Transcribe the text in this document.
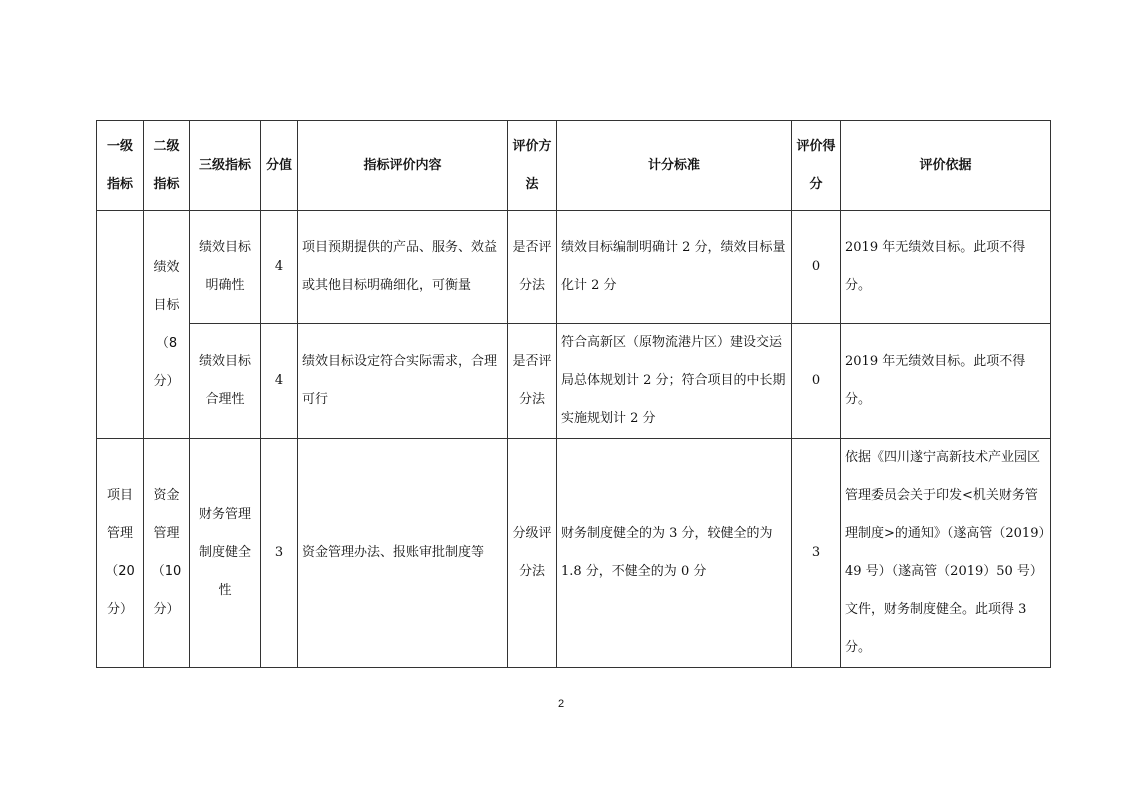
一级指标	二级指标	三级指标	分值	指标评价内容	评价方法	计分标准	评价得分	评价依据
	绩效目标（8分）	绩效目标明确性	4	项目预期提供的产品、服务、效益或其他目标明确细化，可衡量	是否评分法	绩效目标编制明确计 2 分，绩效目标量化计 2 分	0	2019 年无绩效目标。此项不得分。
		绩效目标合理性	4	绩效目标设定符合实际需求，合理可行	是否评分法	符合高新区（原物流港片区）建设交运局总体规划计 2 分；符合项目的中长期实施规划计 2 分	0	2019 年无绩效目标。此项不得分。
项目管理（20分）	资金管理（10分）	财务管理制度健全性	3	资金管理办法、报账审批制度等	分级评分法	财务制度健全的为 3 分，较健全的为 1.8 分，不健全的为 0 分	3	依据《四川遂宁高新技术产业园区管理委员会关于印发<机关财务管理制度>的通知》（遂高管（2019）49 号）（遂高管（2019）50 号）文件，财务制度健全。此项得 3 分。
2
